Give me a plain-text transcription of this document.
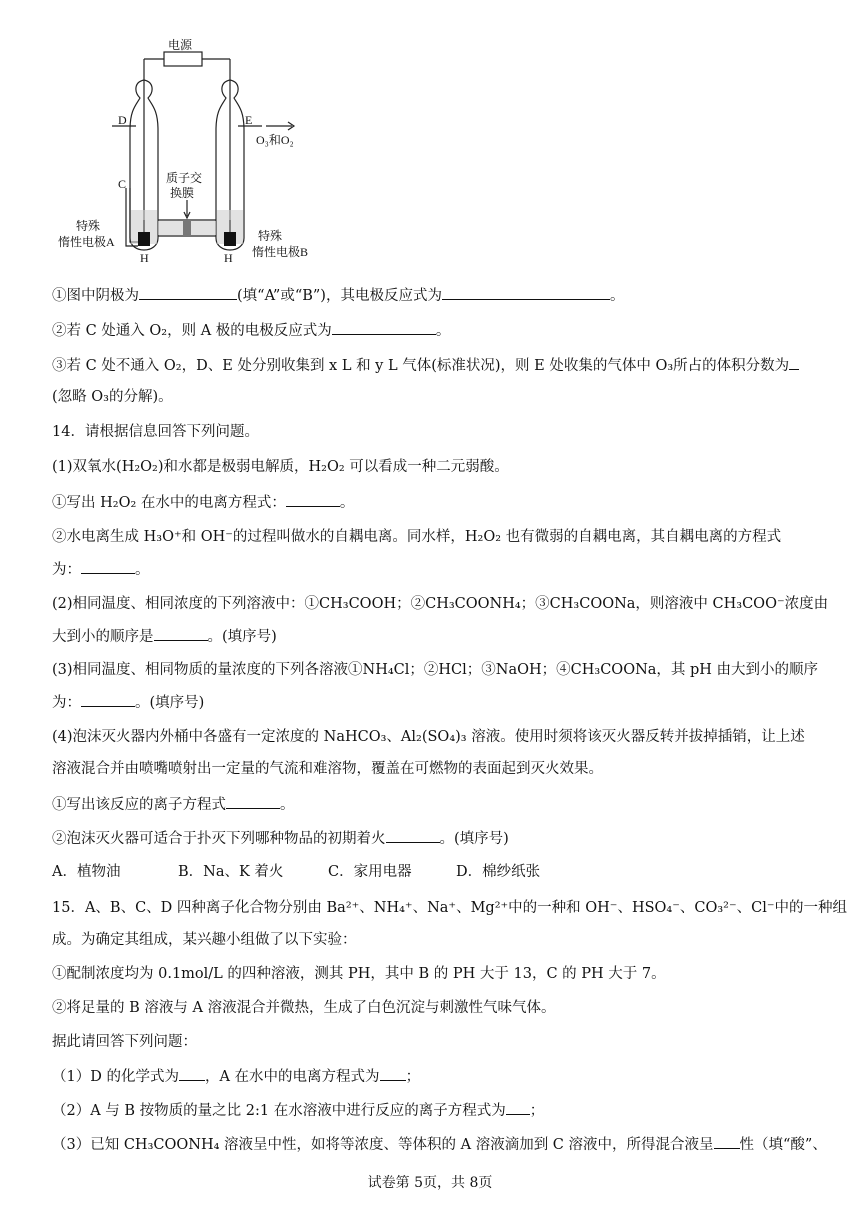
电源
D	E
O₃和O₂
C	质子交
换膜
特殊
惰性电极A	特殊
惰性电极B
H	H
①图中阴极为	(填“A”或“B”)，其电极反应式为	。
②若 C 处通入 O₂，则 A 极的电极反应式为	。
③若 C 处不通入 O₂，D、E 处分别收集到 x L 和 y L 气体(标准状况)，则 E 处收集的气体中 O₃所占的体积分数为
(忽略 O₃的分解)。
14．请根据信息回答下列问题。
(1)双氧水(H₂O₂)和水都是极弱电解质，H₂O₂ 可以看成一种二元弱酸。
①写出 H₂O₂ 在水中的电离方程式：	。
②水电离生成 H₃O⁺和 OH⁻的过程叫做水的自耦电离。同水样，H₂O₂ 也有微弱的自耦电离，其自耦电离的方程式
为：	。
(2)相同温度、相同浓度的下列溶液中：①CH₃COOH；②CH₃COONH₄；③CH₃COONa，则溶液中 CH₃COO⁻浓度由
大到小的顺序是	。(填序号)
(3)相同温度、相同物质的量浓度的下列各溶液①NH₄Cl；②HCl；③NaOH；④CH₃COONa，其 pH 由大到小的顺序
为：	。(填序号)
(4)泡沫灭火器内外桶中各盛有一定浓度的 NaHCO₃、Al₂(SO₄)₃ 溶液。使用时须将该灭火器反转并拔掉插销，让上述
溶液混合并由喷嘴喷射出一定量的气流和难溶物，覆盖在可燃物的表面起到灭火效果。
①写出该反应的离子方程式	。
②泡沫灭火器可适合于扑灭下列哪种物品的初期着火	。(填序号)
A．植物油	B．Na、K 着火	C．家用电器	D．棉纱纸张
15．A、B、C、D 四种离子化合物分别由 Ba²⁺、NH₄⁺、Na⁺、Mg²⁺中的一种和 OH⁻、HSO₄⁻、CO₃²⁻、Cl⁻中的一种组
成。为确定其组成，某兴趣小组做了以下实验：
①配制浓度均为 0.1mol/L 的四种溶液，测其 PH，其中 B 的 PH 大于 13，C 的 PH 大于 7。
②将足量的 B 溶液与 A 溶液混合并微热，生成了白色沉淀与刺激性气味气体。
据此请回答下列问题：
（1）D 的化学式为 ，A 在水中的电离方程式为 ；
（2）A 与 B 按物质的量之比 2:1 在水溶液中进行反应的离子方程式为 ；
（3）已知 CH₃COONH₄ 溶液呈中性，如将等浓度、等体积的 A 溶液滴加到 C 溶液中，所得混合液呈 性（填“酸”、
试卷第 5页，共 8页
